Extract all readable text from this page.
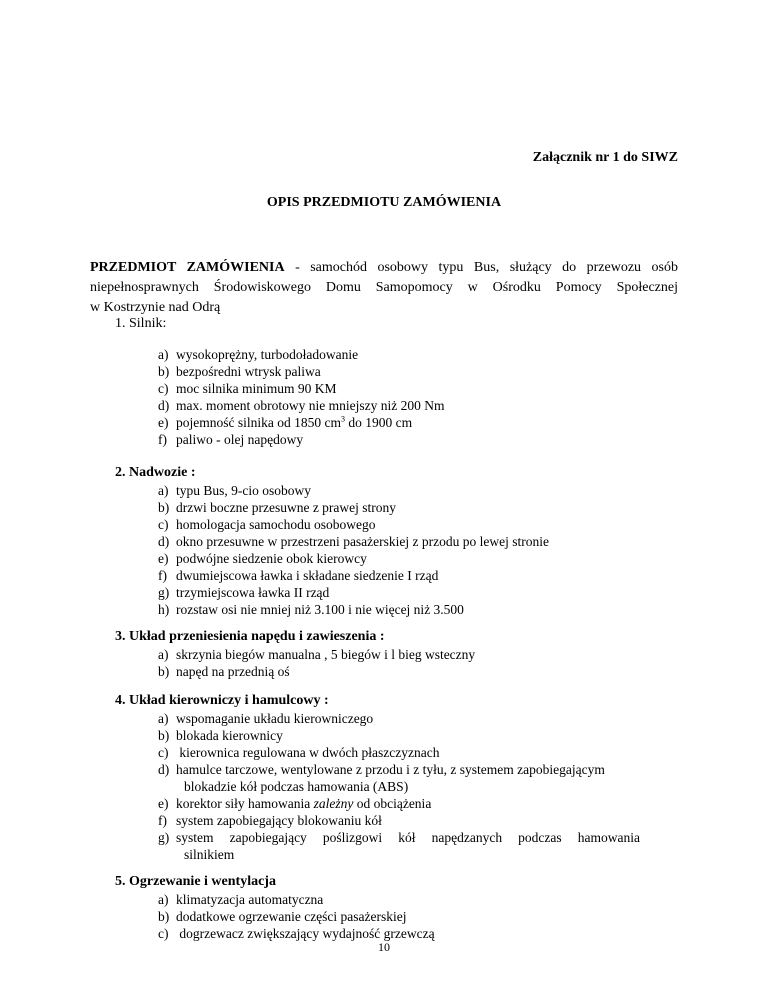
Załącznik nr 1 do SIWZ
OPIS PRZEDMIOTU ZAMÓWIENIA
PRZEDMIOT ZAMÓWIENIA - samochód osobowy typu Bus, służący do przewozu osób
niepełnosprawnych Środowiskowego Domu Samopomocy w Ośrodku Pomocy Społecznej
w Kostrzynie nad Odrą
1. Silnik:
a) wysokoprężny, turbodoładowanie
b) bezpośredni wtrysk paliwa
c) moc silnika minimum 90 KM
d) max. moment obrotowy nie mniejszy niż 200 Nm
e) pojemność silnika od 1850 $cm^3$ do 1900 cm
f) paliwo - olej napędowy
2. Nadwozie :
a) typu Bus, 9-cio osobowy
b) drzwi boczne przesuwne z prawej strony
c) homologacja samochodu osobowego
d) okno przesuwne w przestrzeni pasażerskiej z przodu po lewej stronie
e) podwójne siedzenie obok kierowcy
f) dwumiejscowa ławka i składane siedzenie I rząd
g) trzymiejscowa ławka II rząd
h) rozstaw osi nie mniej niż 3.100 i nie więcej niż 3.500
3. Układ przeniesienia napędu i zawieszenia :
a) skrzynia biegów manualna , 5 biegów i l bieg wsteczny
b) napęd na przednią oś
4. Układ kierowniczy i hamulcowy :
a) wspomaganie układu kierowniczego
b) blokada kierownicy
c) kierownica regulowana w dwóch płaszczyznach
d) hamulce tarczowe, wentylowane z przodu i z tyłu, z systemem zapobiegającym
blokadzie kół podczas hamowania (ABS)
e) korektor siły hamowania zależny od obciążenia
f) system zapobiegający blokowaniu kół
g) system zapobiegający poślizgowi kół napędzanych podczas hamowania
silnikiem
5. Ogrzewanie i wentylacja
a) klimatyzacja automatyczna
b) dodatkowe ogrzewanie części pasażerskiej
c) dogrzewacz zwiększający wydajność grzewczą
10
